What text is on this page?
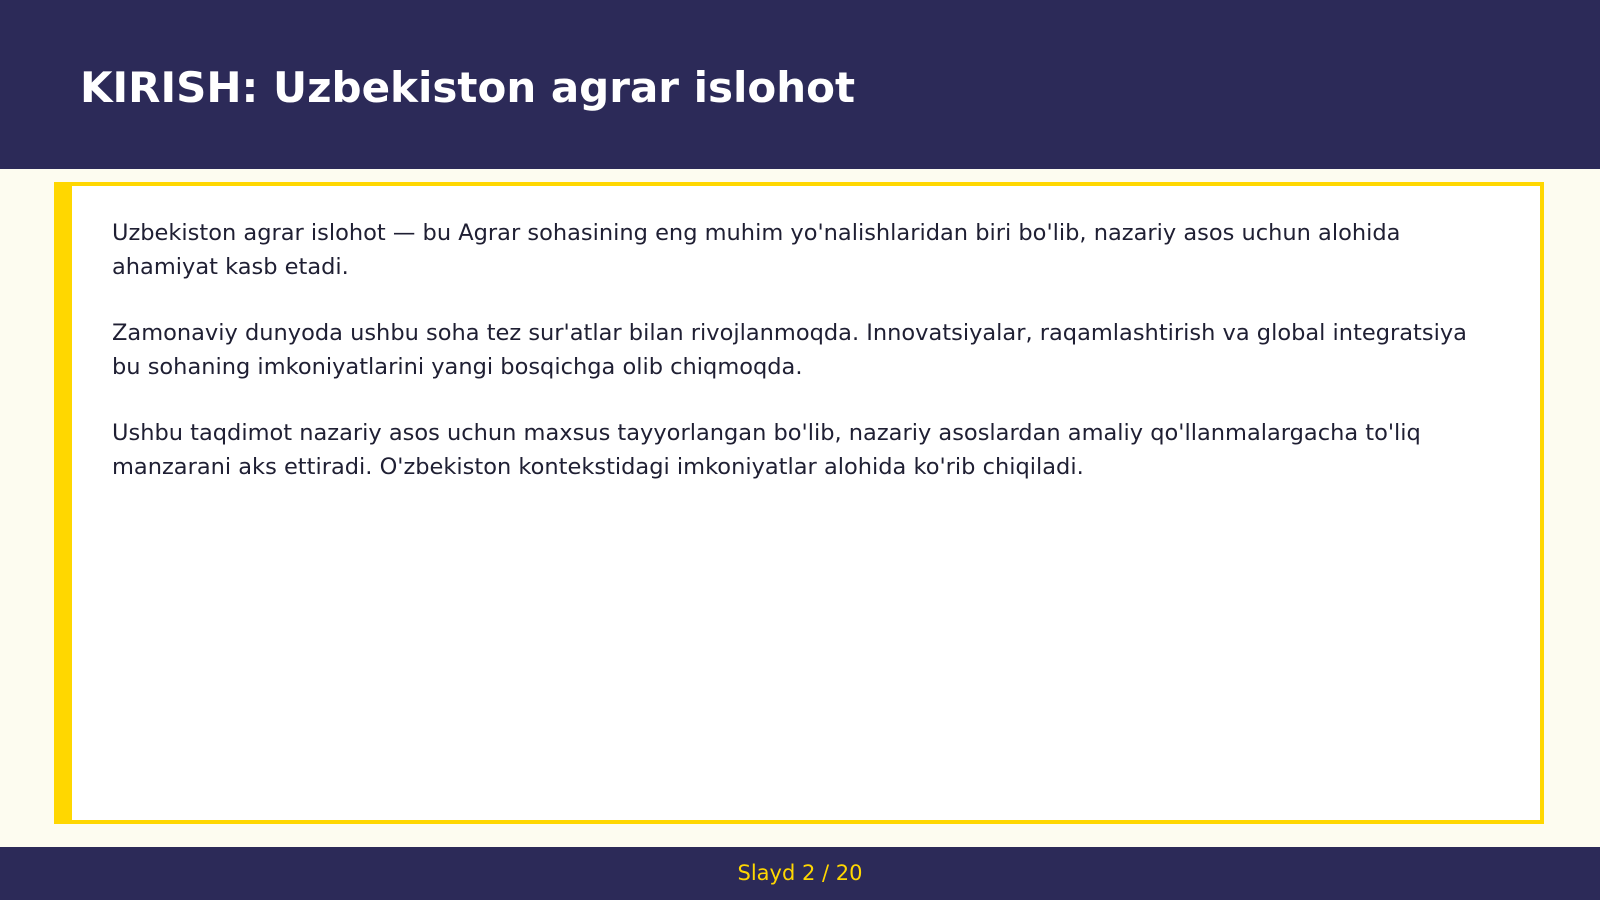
KIRISH: Uzbekiston agrar islohot

Uzbekiston agrar islohot — bu Agrar sohasining eng muhim yo'nalishlaridan biri bo'lib, nazariy asos uchun alohida ahamiyat kasb etadi.

Zamonaviy dunyoda ushbu soha tez sur'atlar bilan rivojlanmoqda. Innovatsiyalar, raqamlashtirish va global integratsiya bu sohaning imkoniyatlarini yangi bosqichga olib chiqmoqda.

Ushbu taqdimot nazariy asos uchun maxsus tayyorlangan bo'lib, nazariy asoslardan amaliy qo'llanmalargacha to'liq manzarani aks ettiradi. O'zbekiston kontekstidagi imkoniyatlar alohida ko'rib chiqiladi.

Slayd 2 / 20
